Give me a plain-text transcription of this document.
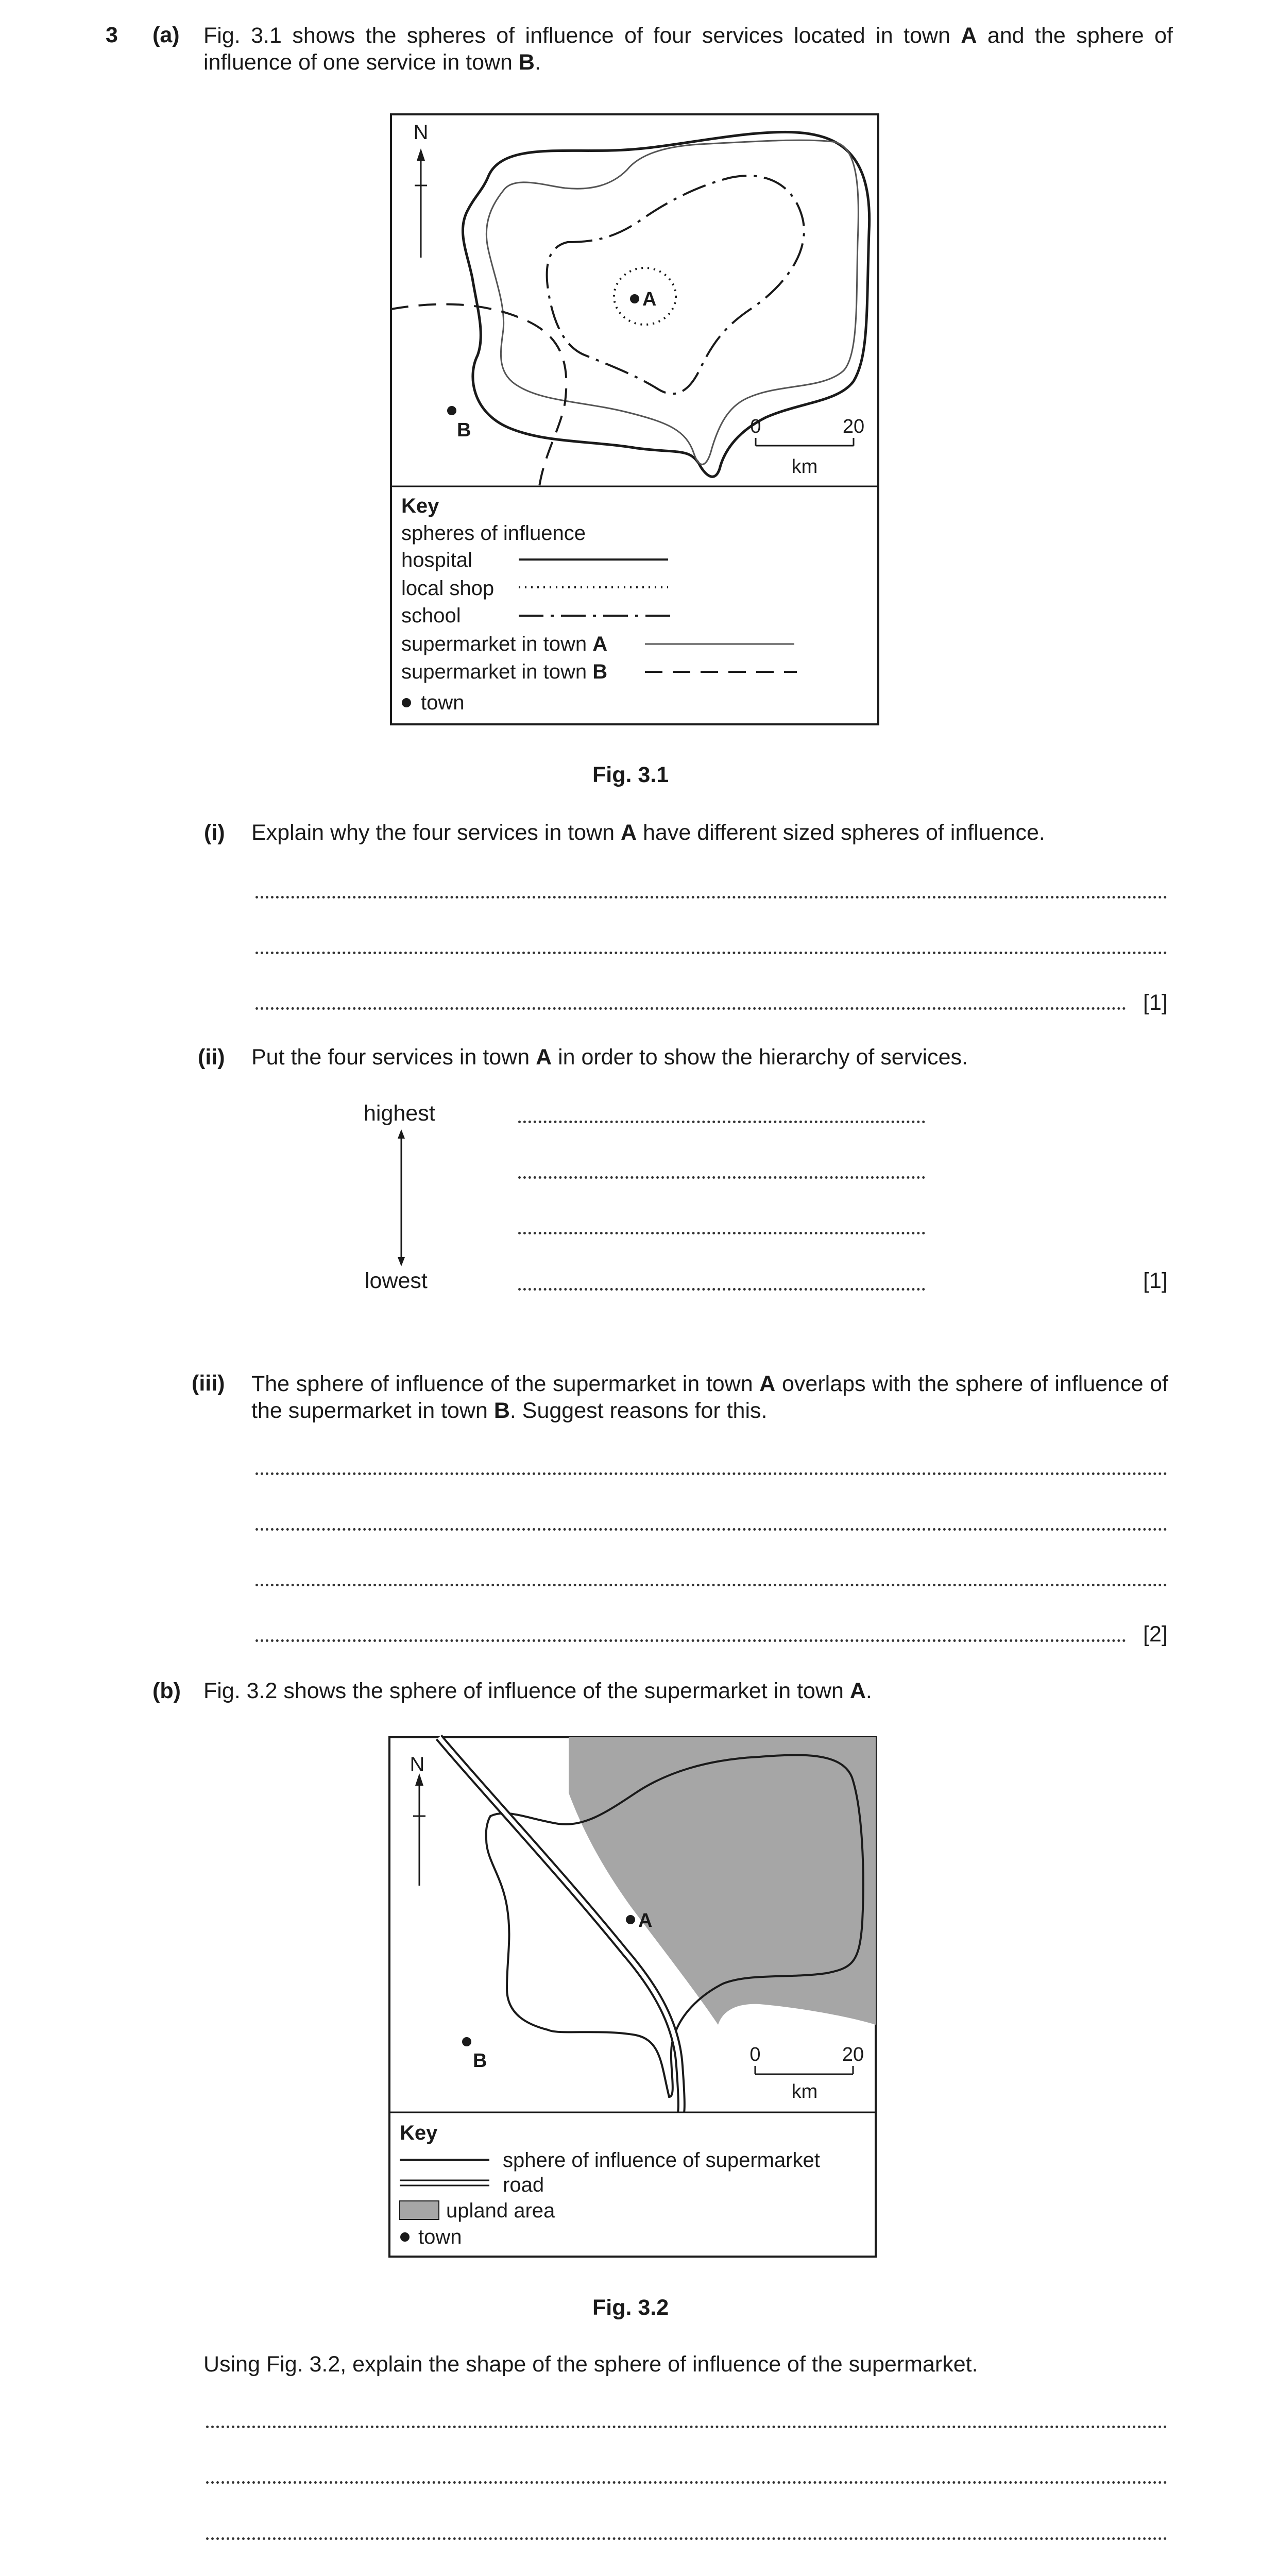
3 (a) Fig. 3.1 shows the spheres of influence of four services located in town A and the sphere of influence of one service in town B.
N
A
B	0	20
km
Key
spheres of influence
hospital
local shop
school
supermarket in town A
supermarket in town B
town
Fig. 3.1
(i) Explain why the four services in town A have different sized spheres of influence.
[1]
(ii) Put the four services in town A in order to show the hierarchy of services.
highest
lowest	[1]
(iii) The sphere of influence of the supermarket in town A overlaps with the sphere of influence of the supermarket in town B. Suggest reasons for this.
[2]
(b) Fig. 3.2 shows the sphere of influence of the supermarket in town A.
N
A
B	0	20
km
Key
sphere of influence of supermarket
road
upland area
town
Fig. 3.2
Using Fig. 3.2, explain the shape of the sphere of influence of the supermarket.
